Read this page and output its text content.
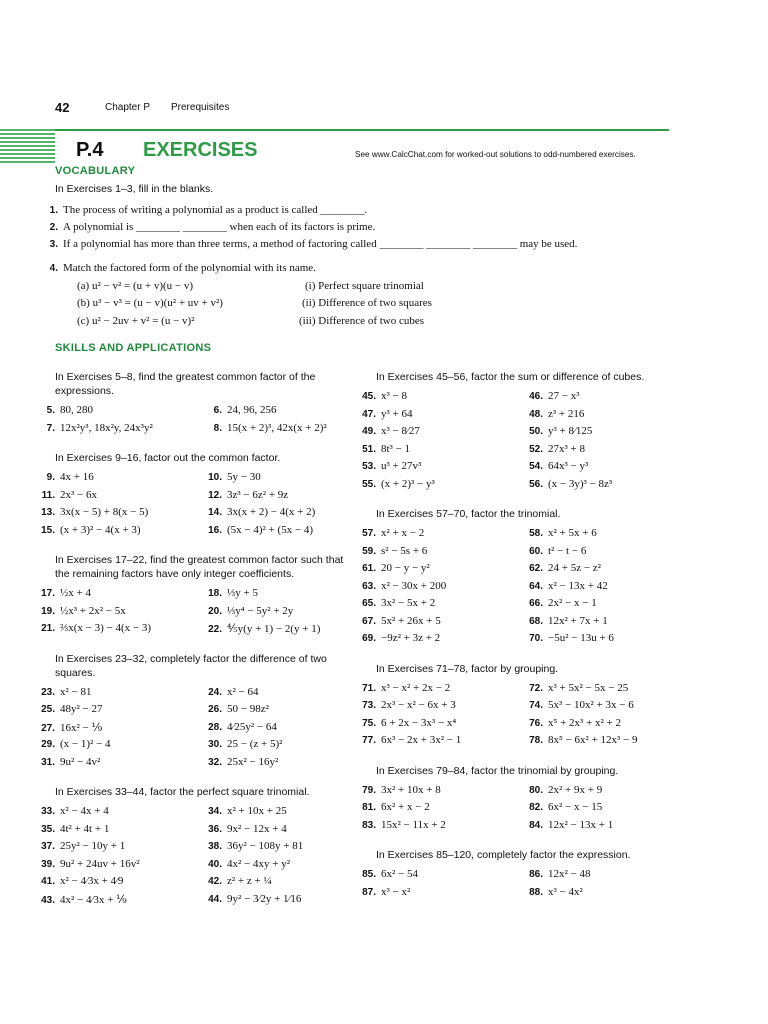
42	Chapter P Prerequisites
P.4 EXERCISES	See www.CalcChat.com for worked-out solutions to odd-numbered exercises.
VOCABULARY
In Exercises 1–3, fill in the blanks.
1. The process of writing a polynomial as a product is called ________.
2. A polynomial is ________ ________ when each of its factors is prime.
3. If a polynomial has more than three terms, a method of factoring called ________ ________ ________ may be used.
4. Match the factored form of the polynomial with its name.
(a) u² − v² = (u + v)(u − v)	(i) Perfect square trinomial
(b) u³ − v³ = (u − v)(u² + uv + v²)	(ii) Difference of two squares
(c) u² − 2uv + v² = (u − v)²	(iii) Difference of two cubes
SKILLS AND APPLICATIONS
In Exercises 5–8, find the greatest common factor of the
expressions.
5. 80, 280	6. 24, 96, 256
7. 12x²y³, 18x²y, 24x³y²	8. 15(x + 2)³, 42x(x + 2)²
In Exercises 9–16, factor out the common factor.
9. 4x + 16	10. 5y − 30
11. 2x³ − 6x	12. 3z³ − 6z² + 9z
13. 3x(x − 5) + 8(x − 5)	14. 3x(x + 2) − 4(x + 2)
15. (x + 3)² − 4(x + 3)	16. (5x − 4)² + (5x − 4)
In Exercises 17–22, find the greatest common factor such that
the remaining factors have only integer coefficients.
17. ½x + 4	18. ⅓y + 5
19. ½x³ + 2x² − 5x	20. ⅓y⁴ − 5y² + 2y
21. ⅔x(x − 3) − 4(x − 3)	22. ⅘y(y + 1) − 2(y + 1)
In Exercises 23–32, completely factor the difference of two
squares.
23. x² − 81	24. x² − 64
25. 48y² − 27	26. 50 − 98z²
27. 16x² − ⅑	28. 4⁄25y² − 64
29. (x − 1)² − 4	30. 25 − (z + 5)²
31. 9u² − 4v²	32. 25x² − 16y²
In Exercises 33–44, factor the perfect square trinomial.
33. x² − 4x + 4	34. x² + 10x + 25
35. 4t² + 4t + 1	36. 9x² − 12x + 4
37. 25y² − 10y + 1	38. 36y² − 108y + 81
39. 9u² + 24uv + 16v²	40. 4x² − 4xy + y²
41. x² − 4⁄3x + 4⁄9	42. z² + z + ¼
43. 4x² − 4⁄3x + ⅑	44. 9y² − 3⁄2y + 1⁄16
In Exercises 45–56, factor the sum or difference of cubes.
45. x³ − 8	46. 27 − x³
47. y³ + 64	48. z³ + 216
49. x³ − 8⁄27	50. y³ + 8⁄125
51. 8t³ − 1	52. 27x³ + 8
53. u³ + 27v³	54. 64x³ − y³
55. (x + 2)³ − y³	56. (x − 3y)³ − 8z³
In Exercises 57–70, factor the trinomial.
57. x² + x − 2	58. x² + 5x + 6
59. s² − 5s + 6	60. t² − t − 6
61. 20 − y − y²	62. 24 + 5z − z²
63. x² − 30x + 200	64. x² − 13x + 42
65. 3x² − 5x + 2	66. 2x² − x − 1
67. 5x² + 26x + 5	68. 12x² + 7x + 1
69. −9z² + 3z + 2	70. −5u² − 13u + 6
In Exercises 71–78, factor by grouping.
71. x³ − x² + 2x − 2	72. x³ + 5x² − 5x − 25
73. 2x³ − x² − 6x + 3	74. 5x³ − 10x² + 3x − 6
75. 6 + 2x − 3x³ − x⁴	76. x⁵ + 2x³ + x² + 2
77. 6x³ − 2x + 3x² − 1	78. 8x⁵ − 6x² + 12x³ − 9
In Exercises 79–84, factor the trinomial by grouping.
79. 3x² + 10x + 8	80. 2x² + 9x + 9
81. 6x² + x − 2	82. 6x² − x − 15
83. 15x² − 11x + 2	84. 12x² − 13x + 1
In Exercises 85–120, completely factor the expression.
85. 6x² − 54	86. 12x² − 48
87. x³ − x²	88. x³ − 4x²
